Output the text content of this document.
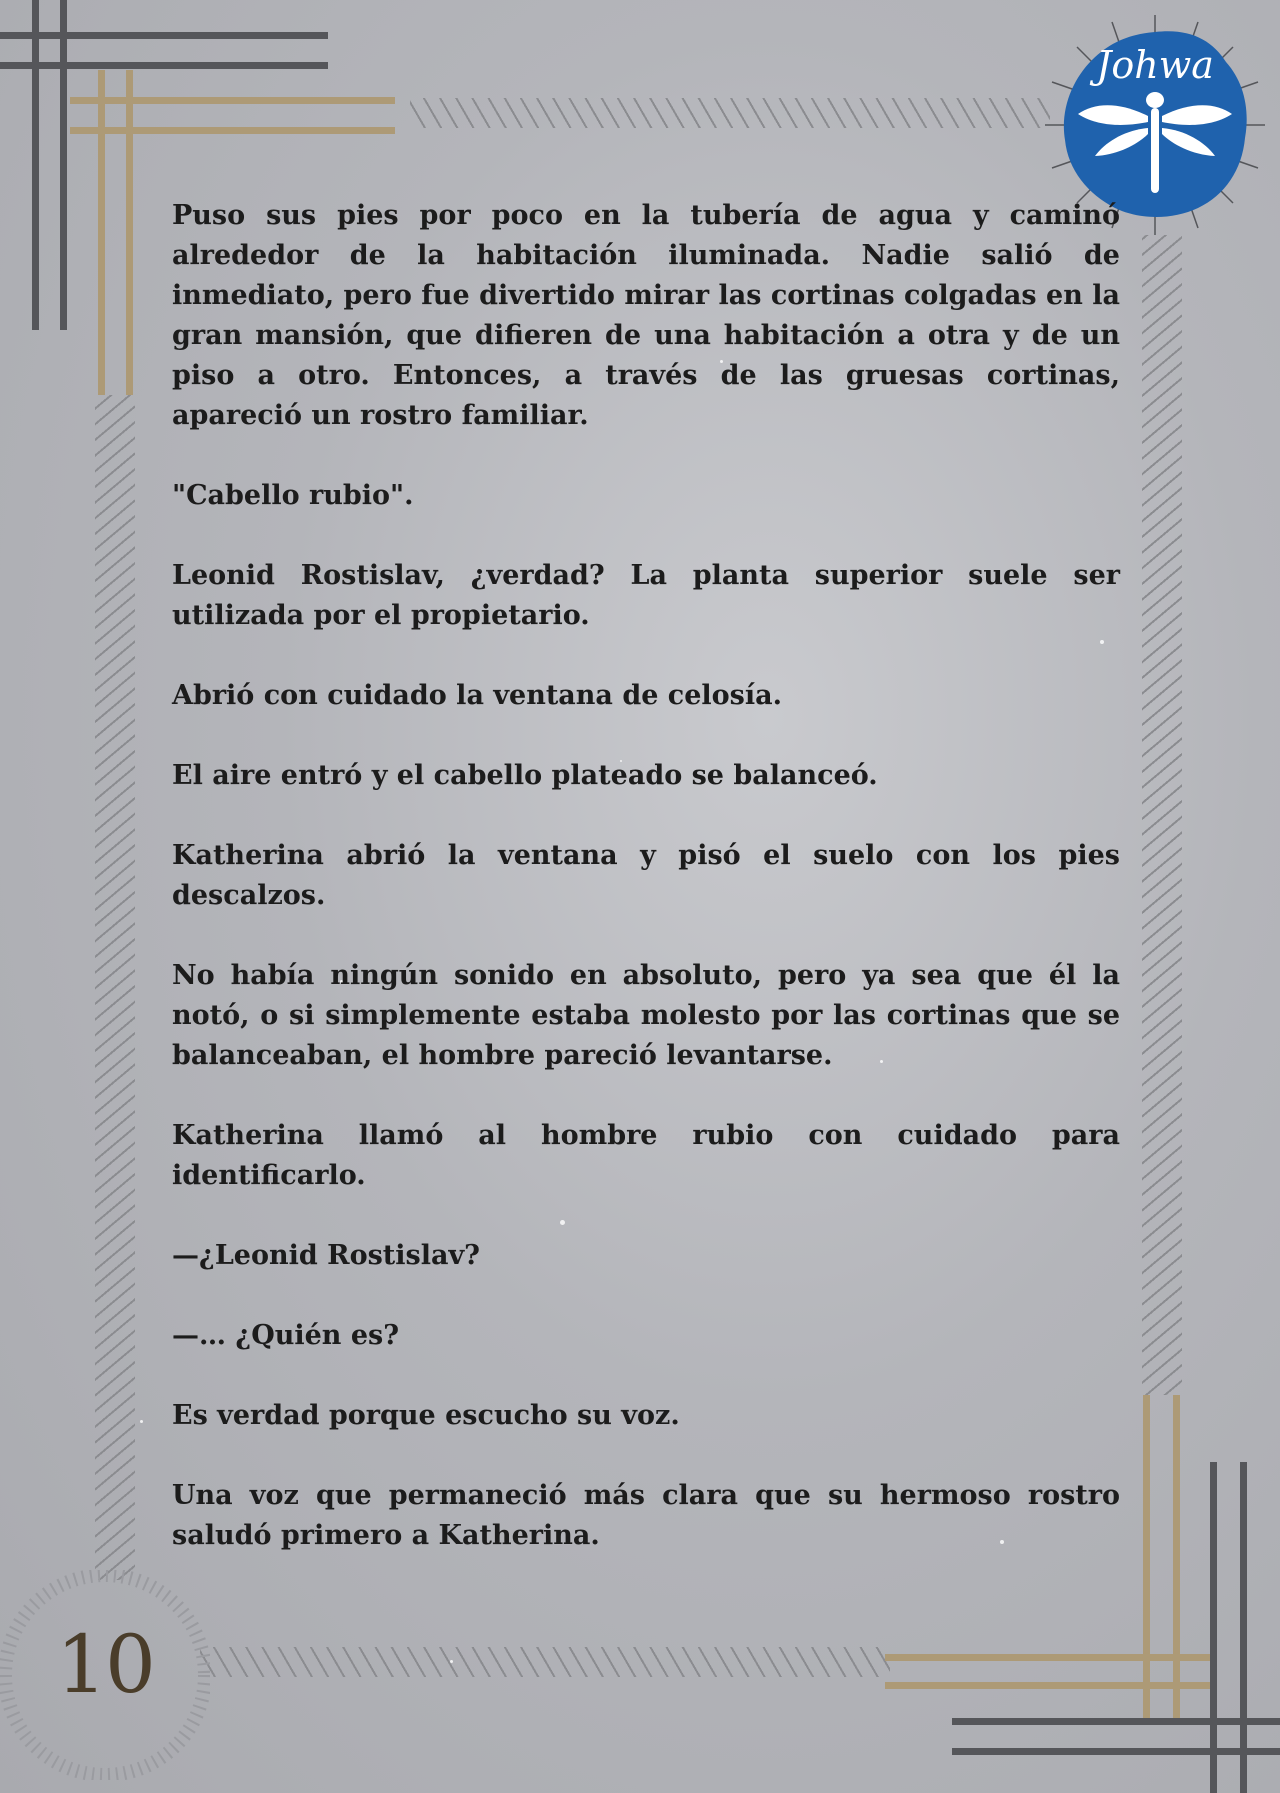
Johwa
10

Puso sus pies por poco en la tubería de agua y caminó alrededor de la habitación iluminada. Nadie salió de inmediato, pero fue divertido mirar las cortinas colgadas en la gran mansión, que difieren de una habitación a otra y de un piso a otro. Entonces, a través de las gruesas cortinas, apareció un rostro familiar.

"Cabello rubio".

Leonid Rostislav, ¿verdad? La planta superior suele ser utilizada por el propietario.

Abrió con cuidado la ventana de celosía.

El aire entró y el cabello plateado se balanceó.

Katherina abrió la ventana y pisó el suelo con los pies descalzos.

No había ningún sonido en absoluto, pero ya sea que él la notó, o si simplemente estaba molesto por las cortinas que se balanceaban, el hombre pareció levantarse.

Katherina llamó al hombre rubio con cuidado para identificarlo.

—¿Leonid Rostislav?

—… ¿Quién es?

Es verdad porque escucho su voz.

Una voz que permaneció más clara que su hermoso rostro saludó primero a Katherina.
